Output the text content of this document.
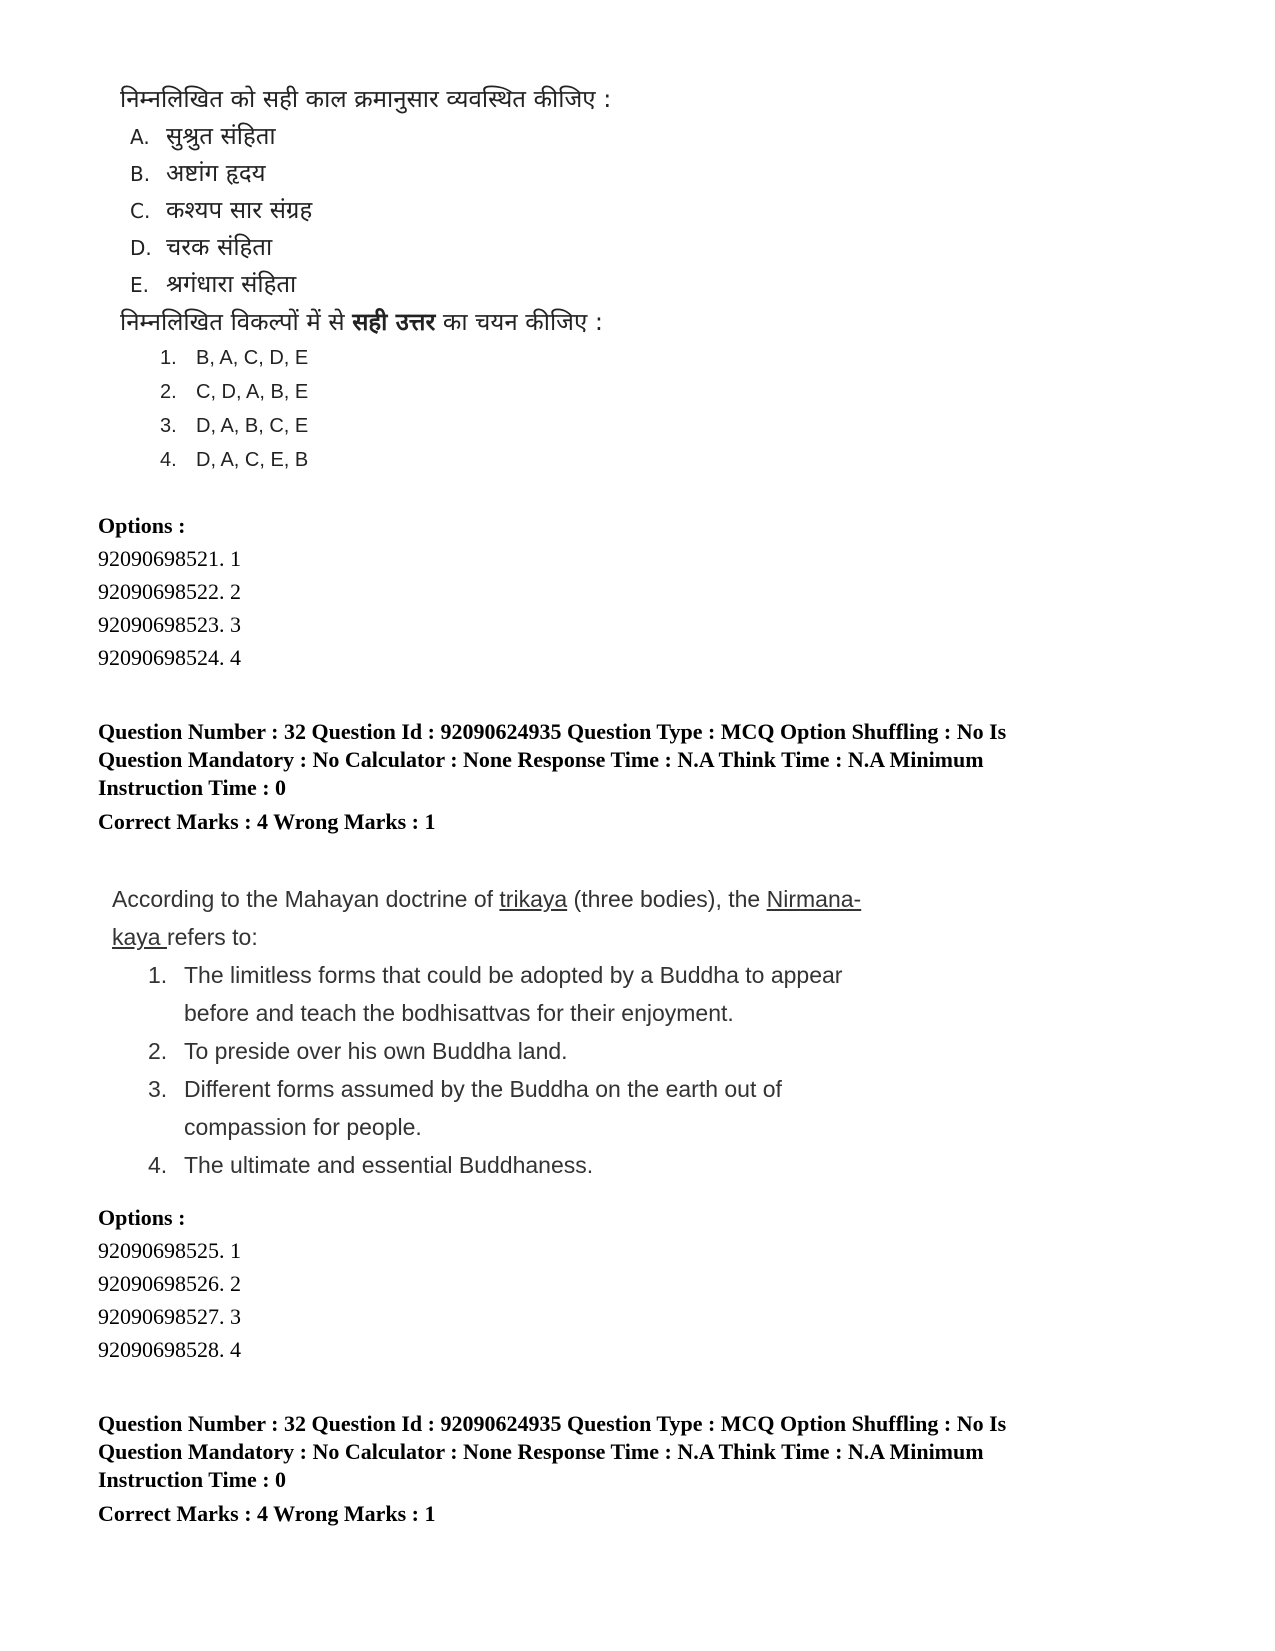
निम्नलिखित को सही काल क्रमानुसार व्यवस्थित कीजिए :
A. सुश्रुत संहिता
B. अष्टांग हृदय
C. कश्यप सार संग्रह
D. चरक संहिता
E. श्रगंधारा संहिता
निम्नलिखित विकल्पों में से सही उत्तर का चयन कीजिए :
1. B, A, C, D, E
2. C, D, A, B, E
3. D, A, B, C, E
4. D, A, C, E, B
Options :
92090698521. 1
92090698522. 2
92090698523. 3
92090698524. 4
Question Number : 32 Question Id : 92090624935 Question Type : MCQ Option Shuffling : No Is
Question Mandatory : No Calculator : None Response Time : N.A Think Time : N.A Minimum
Instruction Time : 0
Correct Marks : 4 Wrong Marks : 1
According to the Mahayan doctrine of trikaya (three bodies), the Nirmana-
kaya refers to:
1. The limitless forms that could be adopted by a Buddha to appear before and teach the bodhisattvas for their enjoyment.
2. To preside over his own Buddha land.
3. Different forms assumed by the Buddha on the earth out of compassion for people.
4. The ultimate and essential Buddhaness.
Options :
92090698525. 1
92090698526. 2
92090698527. 3
92090698528. 4
Question Number : 32 Question Id : 92090624935 Question Type : MCQ Option Shuffling : No Is
Question Mandatory : No Calculator : None Response Time : N.A Think Time : N.A Minimum
Instruction Time : 0
Correct Marks : 4 Wrong Marks : 1
